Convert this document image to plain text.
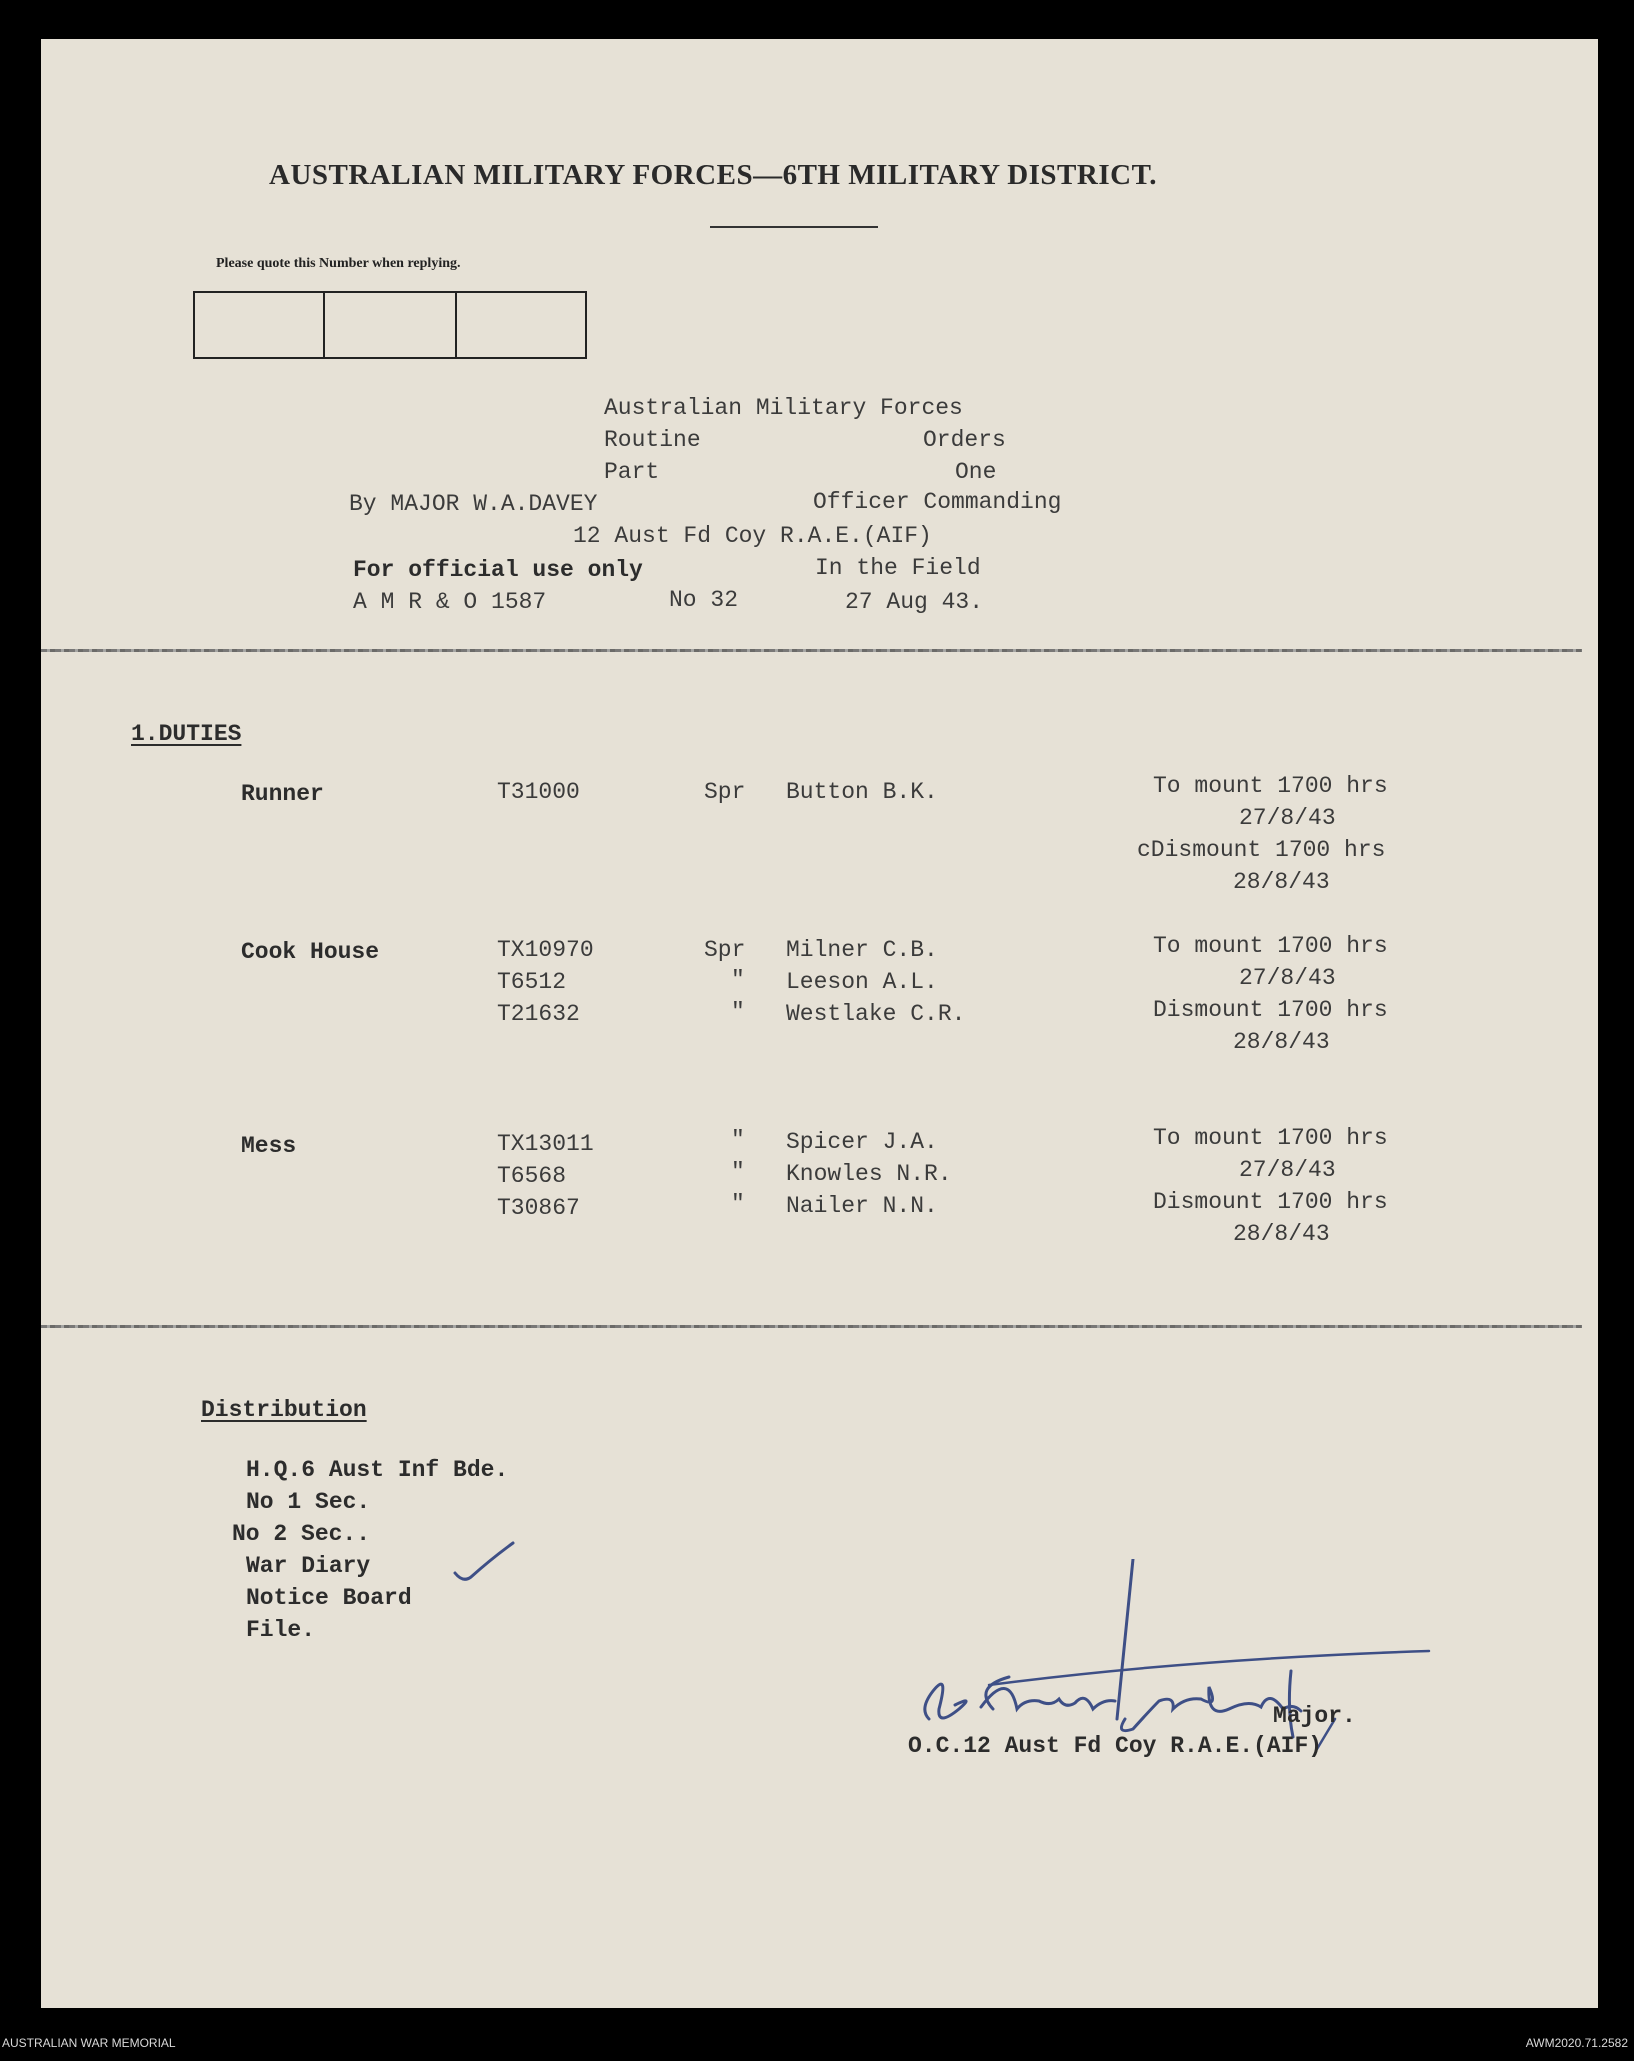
AUSTRALIAN MILITARY FORCES—6TH MILITARY DISTRICT.
Please quote this Number when replying.
Australian Military Forces
Routine	Orders
Part	One
By MAJOR W.A.DAVEY	Officer Commanding
12 Aust Fd Coy R.A.E.(AIF)
For official use only	In the Field
A M R & O 1587	No 32	27 Aug 43.
1.DUTIES
Runner	T31000	Spr Button B.K.	To mount 1700 hrs
27/8/43
cDismount 1700 hrs
28/8/43
Cook House	TX10970	Spr Milner C.B.
T6512	" Leeson A.L.
T21632	" Westlake C.R.
To mount 1700 hrs
27/8/43
Dismount 1700 hrs
28/8/43
Mess	TX13011	" Spicer J.A.
T6568	" Knowles N.R.
T30867	" Nailer N.N.
To mount 1700 hrs
27/8/43
Dismount 1700 hrs
28/8/43
Distribution
H.Q.6 Aust Inf Bde.
No 1 Sec.
No 2 Sec..
War Diary
Notice Board
File.
Major.
O.C.12 Aust Fd Coy R.A.E.(AIF)
AUSTRALIAN WAR MEMORIAL	AWM2020.71.2582
